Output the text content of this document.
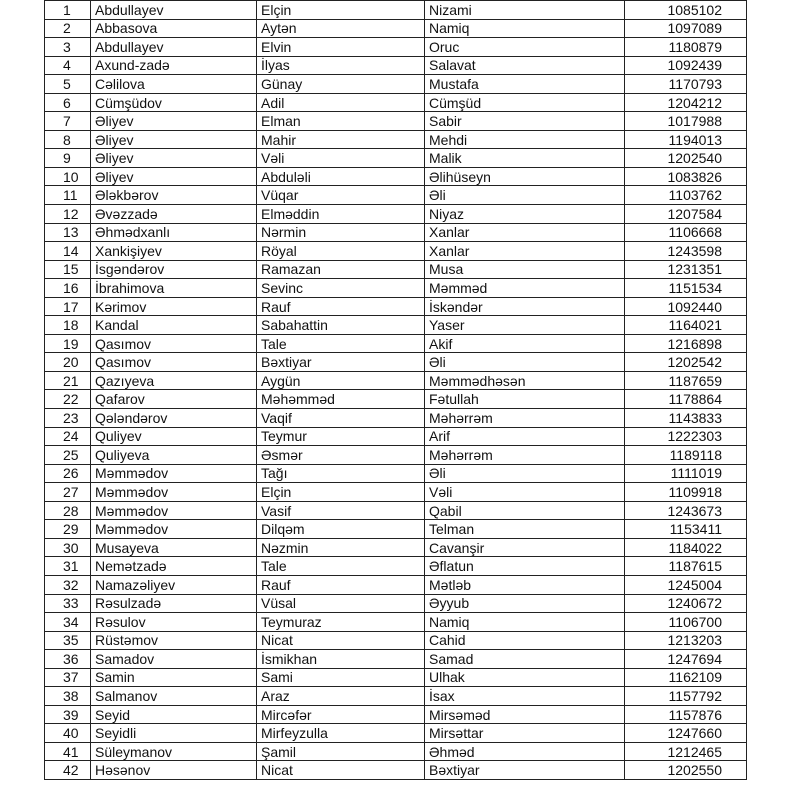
1	Abdullayev	Elçin	Nizami	1085102
2	Abbasova	Aytən	Namiq	1097089
3	Abdullayev	Elvin	Oruc	1180879
4	Axund-zadə	İlyas	Salavat	1092439
5	Cəlilova	Günay	Mustafa	1170793
6	Cümşüdov	Adil	Cümşüd	1204212
7	Əliyev	Elman	Sabir	1017988
8	Əliyev	Mahir	Mehdi	1194013
9	Əliyev	Vəli	Malik	1202540
10	Əliyev	Abduləli	Əlihüseyn	1083826
11	Ələkbərov	Vüqar	Əli	1103762
12	Əvəzzadə	Elməddin	Niyaz	1207584
13	Əhmədxanlı	Nərmin	Xanlar	1106668
14	Xankişiyev	Röyal	Xanlar	1243598
15	İsgəndərov	Ramazan	Musa	1231351
16	İbrahimova	Sevinc	Məmməd	1151534
17	Kərimov	Rauf	İskəndər	1092440
18	Kandal	Sabahattin	Yaser	1164021
19	Qasımov	Tale	Akif	1216898
20	Qasımov	Bəxtiyar	Əli	1202542
21	Qazıyeva	Aygün	Məmmədhəsən	1187659
22	Qafarov	Məhəmməd	Fətullah	1178864
23	Qələndərov	Vaqif	Məhərrəm	1143833
24	Quliyev	Teymur	Arif	1222303
25	Quliyeva	Əsmər	Məhərrəm	1189118
26	Məmmədov	Tağı	Əli	1111019
27	Məmmədov	Elçin	Vəli	1109918
28	Məmmədov	Vasif	Qabil	1243673
29	Məmmədov	Dilqəm	Telman	1153411
30	Musayeva	Nəzmin	Cavanşir	1184022
31	Nemətzadə	Tale	Əflatun	1187615
32	Namazəliyev	Rauf	Mətləb	1245004
33	Rəsulzadə	Vüsal	Əyyub	1240672
34	Rəsulov	Teymuraz	Namiq	1106700
35	Rüstəmov	Nicat	Cahid	1213203
36	Samadov	İsmikhan	Samad	1247694
37	Samin	Sami	Ulhak	1162109
38	Salmanov	Araz	İsax	1157792
39	Seyid	Mircəfər	Mirsəməd	1157876
40	Seyidli	Mirfeyzulla	Mirsəttar	1247660
41	Süleymanov	Şamil	Əhməd	1212465
42	Həsənov	Nicat	Bəxtiyar	1202550
